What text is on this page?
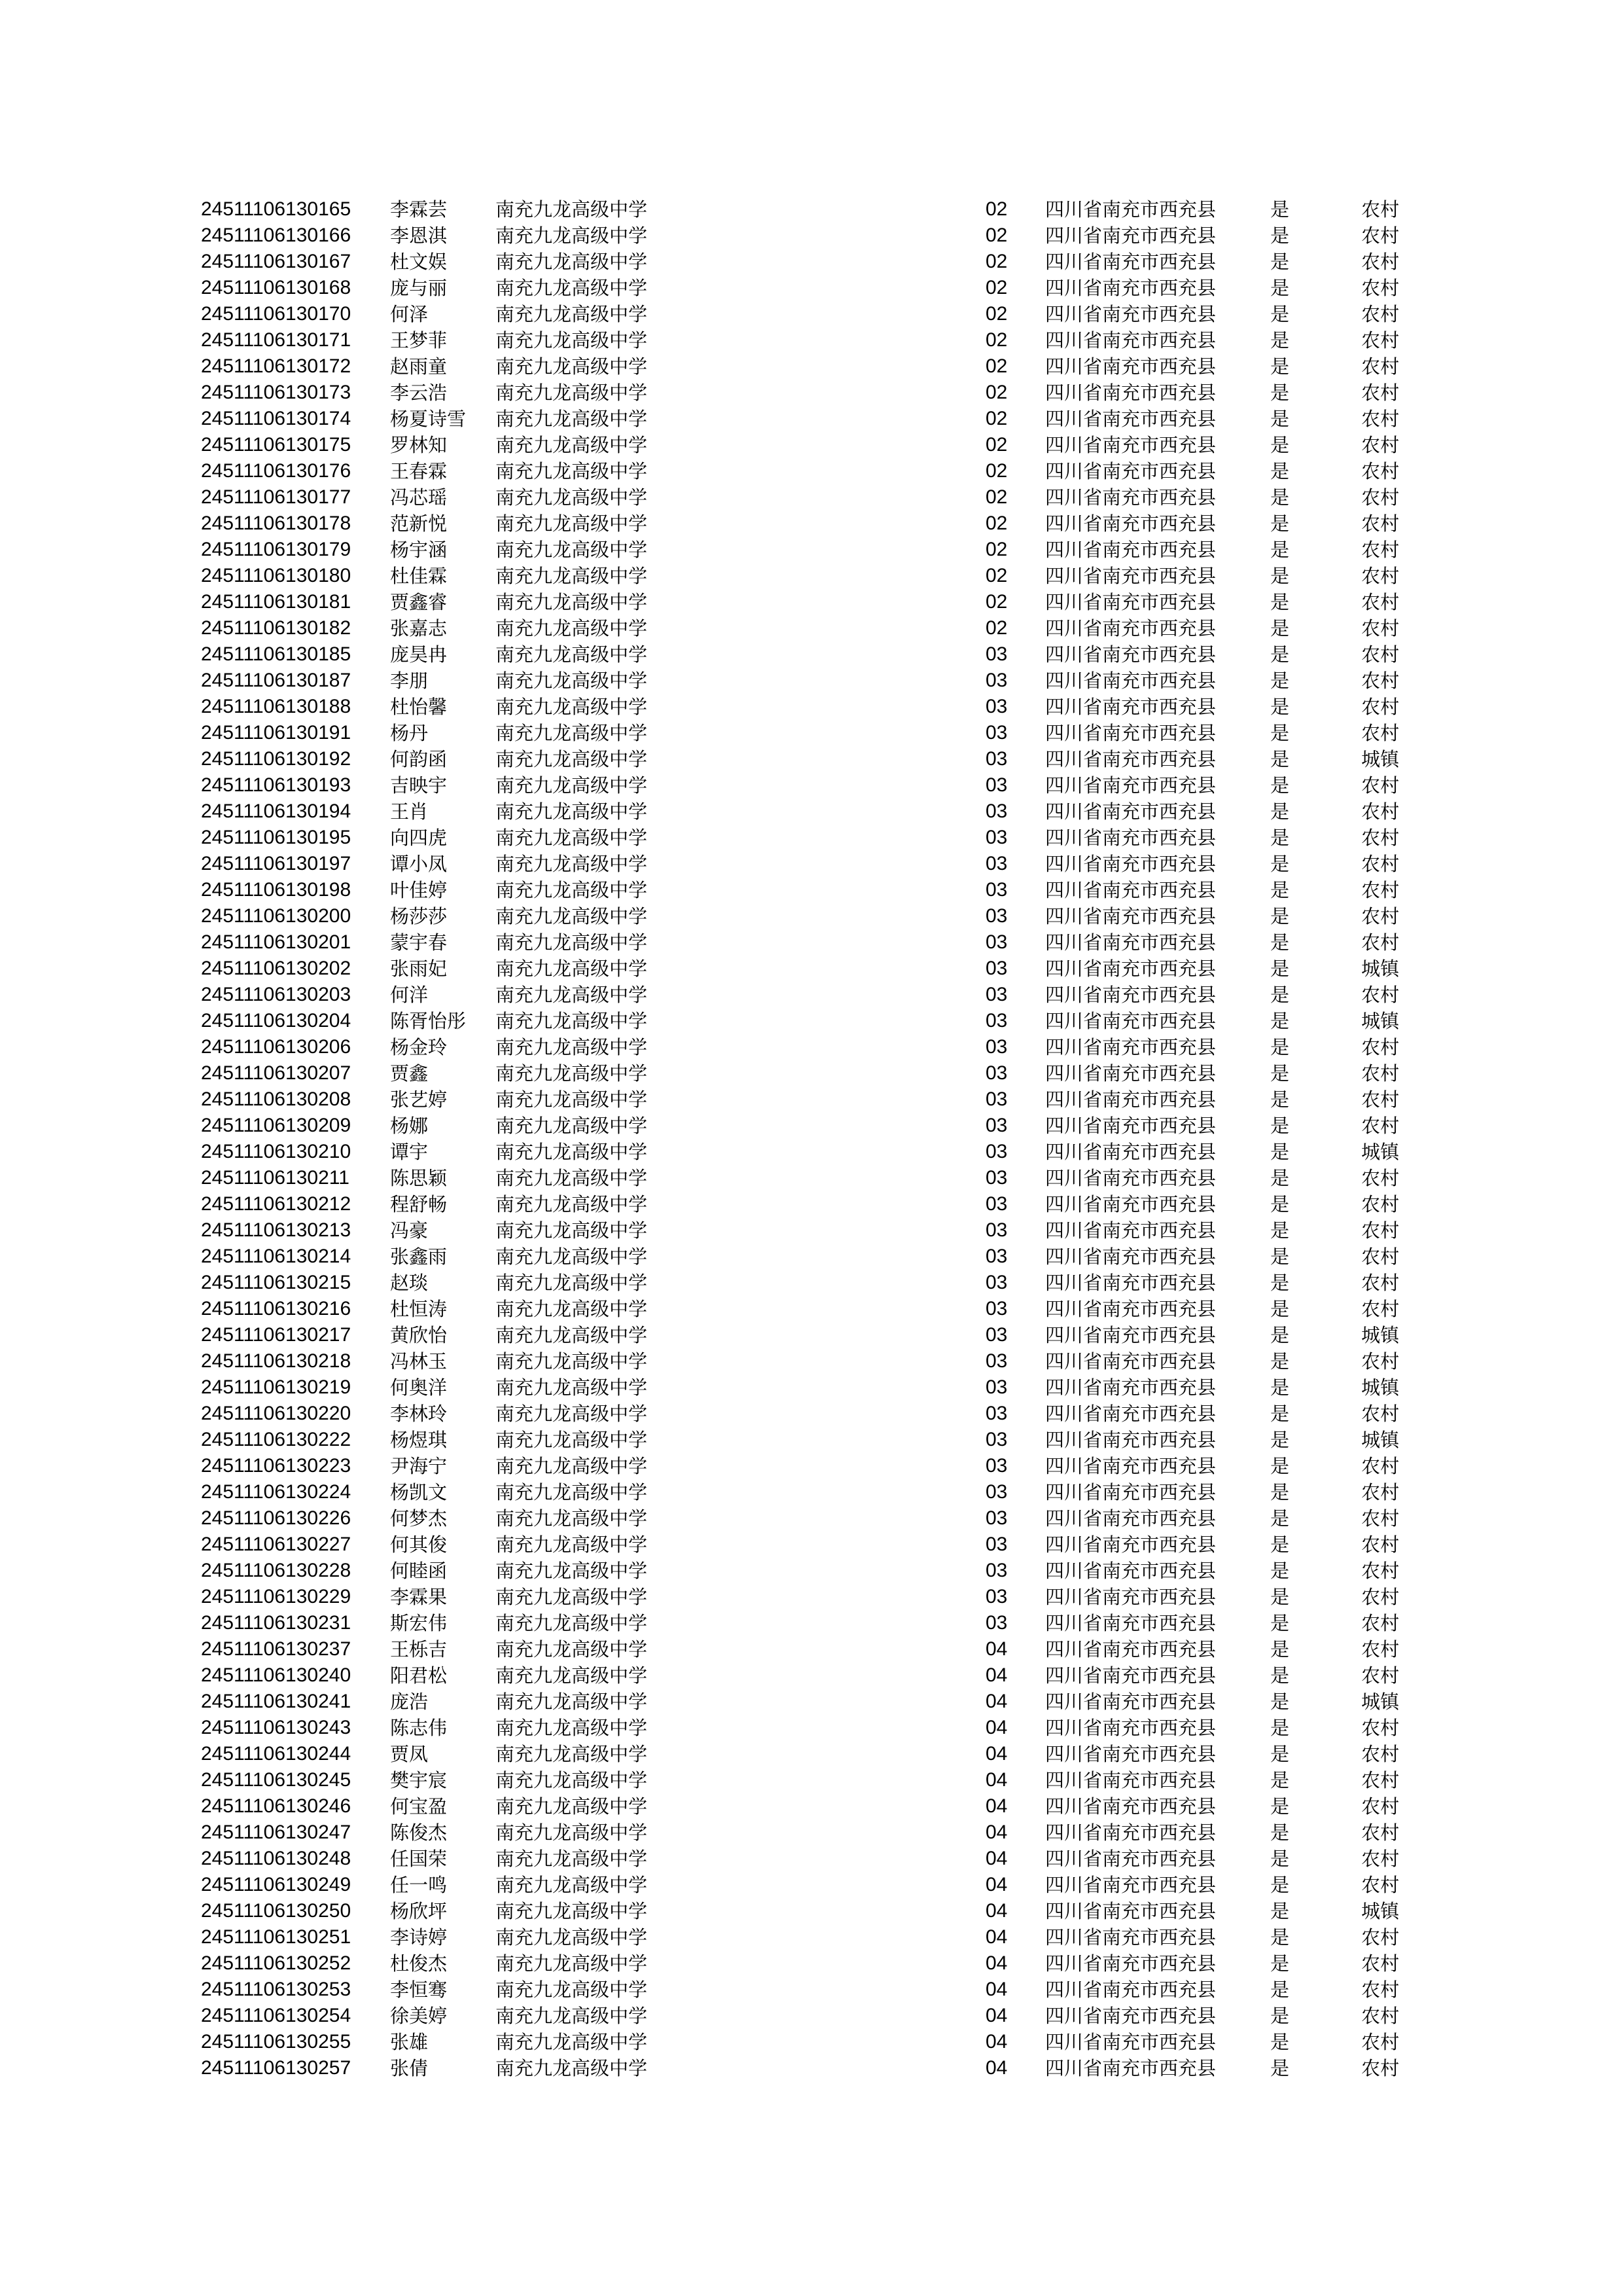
24511106130165 李霖芸	南充九龙高级中学	02 四川省南充市西充县	是	农村
24511106130166 李恩淇	南充九龙高级中学	02 四川省南充市西充县	是	农村
24511106130167 杜文娱	南充九龙高级中学	02 四川省南充市西充县	是	农村
24511106130168 庞与丽	南充九龙高级中学	02 四川省南充市西充县	是	农村
24511106130170 何泽	南充九龙高级中学	02 四川省南充市西充县	是	农村
24511106130171 王梦菲	南充九龙高级中学	02 四川省南充市西充县	是	农村
24511106130172 赵雨童	南充九龙高级中学	02 四川省南充市西充县	是	农村
24511106130173 李云浩	南充九龙高级中学	02 四川省南充市西充县	是	农村
24511106130174 杨夏诗雪 南充九龙高级中学	02 四川省南充市西充县	是	农村
24511106130175 罗林知	南充九龙高级中学	02 四川省南充市西充县	是	农村
24511106130176 王春霖	南充九龙高级中学	02 四川省南充市西充县	是	农村
24511106130177 冯芯瑶	南充九龙高级中学	02 四川省南充市西充县	是	农村
24511106130178 范新悦	南充九龙高级中学	02 四川省南充市西充县	是	农村
24511106130179 杨宇涵	南充九龙高级中学	02 四川省南充市西充县	是	农村
24511106130180 杜佳霖	南充九龙高级中学	02 四川省南充市西充县	是	农村
24511106130181 贾鑫睿	南充九龙高级中学	02 四川省南充市西充县	是	农村
24511106130182 张嘉志	南充九龙高级中学	02 四川省南充市西充县	是	农村
24511106130185 庞昊冉	南充九龙高级中学	03 四川省南充市西充县	是	农村
24511106130187 李朋	南充九龙高级中学	03 四川省南充市西充县	是	农村
24511106130188 杜怡馨	南充九龙高级中学	03 四川省南充市西充县	是	农村
24511106130191 杨丹	南充九龙高级中学	03 四川省南充市西充县	是	农村
24511106130192 何韵函	南充九龙高级中学	03 四川省南充市西充县	是	城镇
24511106130193 吉映宇	南充九龙高级中学	03 四川省南充市西充县	是	农村
24511106130194 王肖	南充九龙高级中学	03 四川省南充市西充县	是	农村
24511106130195 向四虎	南充九龙高级中学	03 四川省南充市西充县	是	农村
24511106130197 谭小凤	南充九龙高级中学	03 四川省南充市西充县	是	农村
24511106130198 叶佳婷	南充九龙高级中学	03 四川省南充市西充县	是	农村
24511106130200 杨莎莎	南充九龙高级中学	03 四川省南充市西充县	是	农村
24511106130201 蒙宇春	南充九龙高级中学	03 四川省南充市西充县	是	农村
24511106130202 张雨妃	南充九龙高级中学	03 四川省南充市西充县	是	城镇
24511106130203 何洋	南充九龙高级中学	03 四川省南充市西充县	是	农村
24511106130204 陈胥怡彤 南充九龙高级中学	03 四川省南充市西充县	是	城镇
24511106130206 杨金玲	南充九龙高级中学	03 四川省南充市西充县	是	农村
24511106130207 贾鑫	南充九龙高级中学	03 四川省南充市西充县	是	农村
24511106130208 张艺婷	南充九龙高级中学	03 四川省南充市西充县	是	农村
24511106130209 杨娜	南充九龙高级中学	03 四川省南充市西充县	是	农村
24511106130210 谭宇	南充九龙高级中学	03 四川省南充市西充县	是	城镇
24511106130211 陈思颖	南充九龙高级中学	03 四川省南充市西充县	是	农村
24511106130212 程舒畅	南充九龙高级中学	03 四川省南充市西充县	是	农村
24511106130213 冯豪	南充九龙高级中学	03 四川省南充市西充县	是	农村
24511106130214 张鑫雨	南充九龙高级中学	03 四川省南充市西充县	是	农村
24511106130215 赵琰	南充九龙高级中学	03 四川省南充市西充县	是	农村
24511106130216 杜恒涛	南充九龙高级中学	03 四川省南充市西充县	是	农村
24511106130217 黄欣怡	南充九龙高级中学	03 四川省南充市西充县	是	城镇
24511106130218 冯林玉	南充九龙高级中学	03 四川省南充市西充县	是	农村
24511106130219 何奥洋	南充九龙高级中学	03 四川省南充市西充县	是	城镇
24511106130220 李林玲	南充九龙高级中学	03 四川省南充市西充县	是	农村
24511106130222 杨煜琪	南充九龙高级中学	03 四川省南充市西充县	是	城镇
24511106130223 尹海宁	南充九龙高级中学	03 四川省南充市西充县	是	农村
24511106130224 杨凯文	南充九龙高级中学	03 四川省南充市西充县	是	农村
24511106130226 何梦杰	南充九龙高级中学	03 四川省南充市西充县	是	农村
24511106130227 何其俊	南充九龙高级中学	03 四川省南充市西充县	是	农村
24511106130228 何睦函	南充九龙高级中学	03 四川省南充市西充县	是	农村
24511106130229 李霖果	南充九龙高级中学	03 四川省南充市西充县	是	农村
24511106130231 斯宏伟	南充九龙高级中学	03 四川省南充市西充县	是	农村
24511106130237 王栎吉	南充九龙高级中学	04 四川省南充市西充县	是	农村
24511106130240 阳君松	南充九龙高级中学	04 四川省南充市西充县	是	农村
24511106130241 庞浩	南充九龙高级中学	04 四川省南充市西充县	是	城镇
24511106130243 陈志伟	南充九龙高级中学	04 四川省南充市西充县	是	农村
24511106130244 贾凤	南充九龙高级中学	04 四川省南充市西充县	是	农村
24511106130245 樊宇宸	南充九龙高级中学	04 四川省南充市西充县	是	农村
24511106130246 何宝盈	南充九龙高级中学	04 四川省南充市西充县	是	农村
24511106130247 陈俊杰	南充九龙高级中学	04 四川省南充市西充县	是	农村
24511106130248 任国荣	南充九龙高级中学	04 四川省南充市西充县	是	农村
24511106130249 任一鸣	南充九龙高级中学	04 四川省南充市西充县	是	农村
24511106130250 杨欣坪	南充九龙高级中学	04 四川省南充市西充县	是	城镇
24511106130251 李诗婷	南充九龙高级中学	04 四川省南充市西充县	是	农村
24511106130252 杜俊杰	南充九龙高级中学	04 四川省南充市西充县	是	农村
24511106130253 李恒骞	南充九龙高级中学	04 四川省南充市西充县	是	农村
24511106130254 徐美婷	南充九龙高级中学	04 四川省南充市西充县	是	农村
24511106130255 张雄	南充九龙高级中学	04 四川省南充市西充县	是	农村
24511106130257 张倩	南充九龙高级中学	04 四川省南充市西充县	是	农村
